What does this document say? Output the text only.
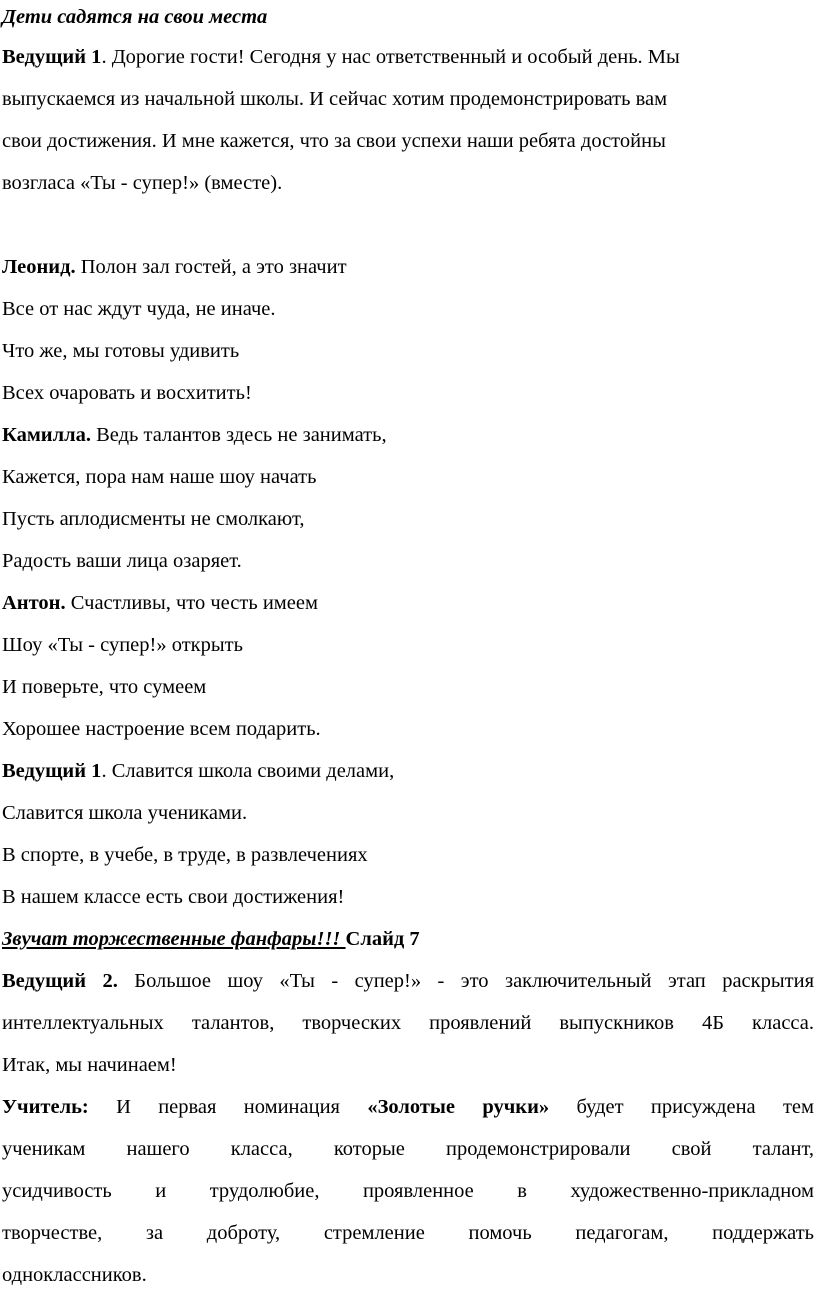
Дети садятся на свои места

Ведущий 1. Дорогие гости! Сегодня у нас ответственный и особый день. Мы

выпускаемся из начальной школы. И сейчас хотим продемонстрировать вам

свои достижения. И мне кажется, что за свои успехи наши ребята достойны

возгласа «Ты - супер!» (вместе).

Леонид. Полон зал гостей, а это значит

Все от нас ждут чуда, не иначе.

Что же, мы готовы удивить

Всех очаровать и восхитить!

Камилла. Ведь талантов здесь не занимать,

Кажется, пора нам наше шоу начать

Пусть аплодисменты не смолкают,

Радость ваши лица озаряет.

Антон. Счастливы, что честь имеем

Шоу «Ты - супер!» открыть

И поверьте, что сумеем

Хорошее настроение всем подарить.

Ведущий 1. Славится школа своими делами,

Славится школа учениками.

В спорте, в учебе, в труде, в развлечениях

В нашем классе есть свои достижения!

Звучат торжественные фанфары!!! Слайд 7

Ведущий 2. Большое шоу «Ты - супер!» - это заключительный этап раскрытия

интеллектуальных талантов, творческих проявлений выпускников 4Б класса.

Итак, мы начинаем!

Учитель: И первая номинация «Золотые ручки» будет присуждена тем

ученикам нашего класса, которые продемонстрировали свой талант,

усидчивость и трудолюбие, проявленное в художественно-прикладном

творчестве, за доброту, стремление помочь педагогам, поддержать

одноклассников.
